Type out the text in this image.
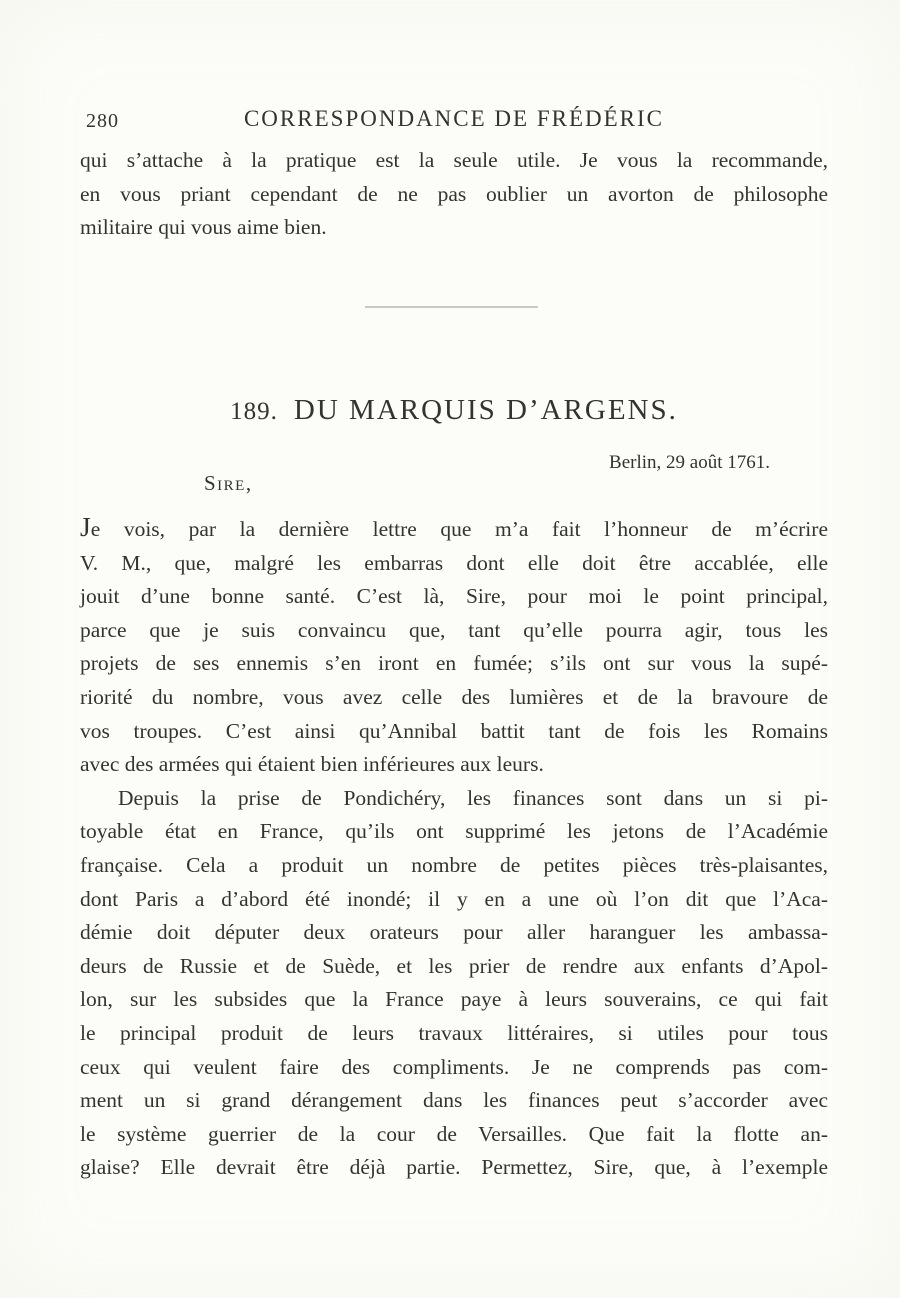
280	CORRESPONDANCE DE FRÉDÉRIC
qui s’attache à la pratique est la seule utile. Je vous la recommande,
en vous priant cependant de ne pas oublier un avorton de philosophe
militaire qui vous aime bien.
189. DU MARQUIS D’ARGENS.
Berlin, 29 août 1761.
Sire,
Je vois, par la dernière lettre que m’a fait l’honneur de m’écrire
V. M., que, malgré les embarras dont elle doit être accablée, elle
jouit d’une bonne santé. C’est là, Sire, pour moi le point principal,
parce que je suis convaincu que, tant qu’elle pourra agir, tous les
projets de ses ennemis s’en iront en fumée; s’ils ont sur vous la supé-
riorité du nombre, vous avez celle des lumières et de la bravoure de
vos troupes. C’est ainsi qu’Annibal battit tant de fois les Romains
avec des armées qui étaient bien inférieures aux leurs.
Depuis la prise de Pondichéry, les finances sont dans un si pi-
toyable état en France, qu’ils ont supprimé les jetons de l’Académie
française. Cela a produit un nombre de petites pièces très-plaisantes,
dont Paris a d’abord été inondé; il y en a une où l’on dit que l’Aca-
démie doit députer deux orateurs pour aller haranguer les ambassa-
deurs de Russie et de Suède, et les prier de rendre aux enfants d’Apol-
lon, sur les subsides que la France paye à leurs souverains, ce qui fait
le principal produit de leurs travaux littéraires, si utiles pour tous
ceux qui veulent faire des compliments. Je ne comprends pas com-
ment un si grand dérangement dans les finances peut s’accorder avec
le système guerrier de la cour de Versailles. Que fait la flotte an-
glaise? Elle devrait être déjà partie. Permettez, Sire, que, à l’exemple
